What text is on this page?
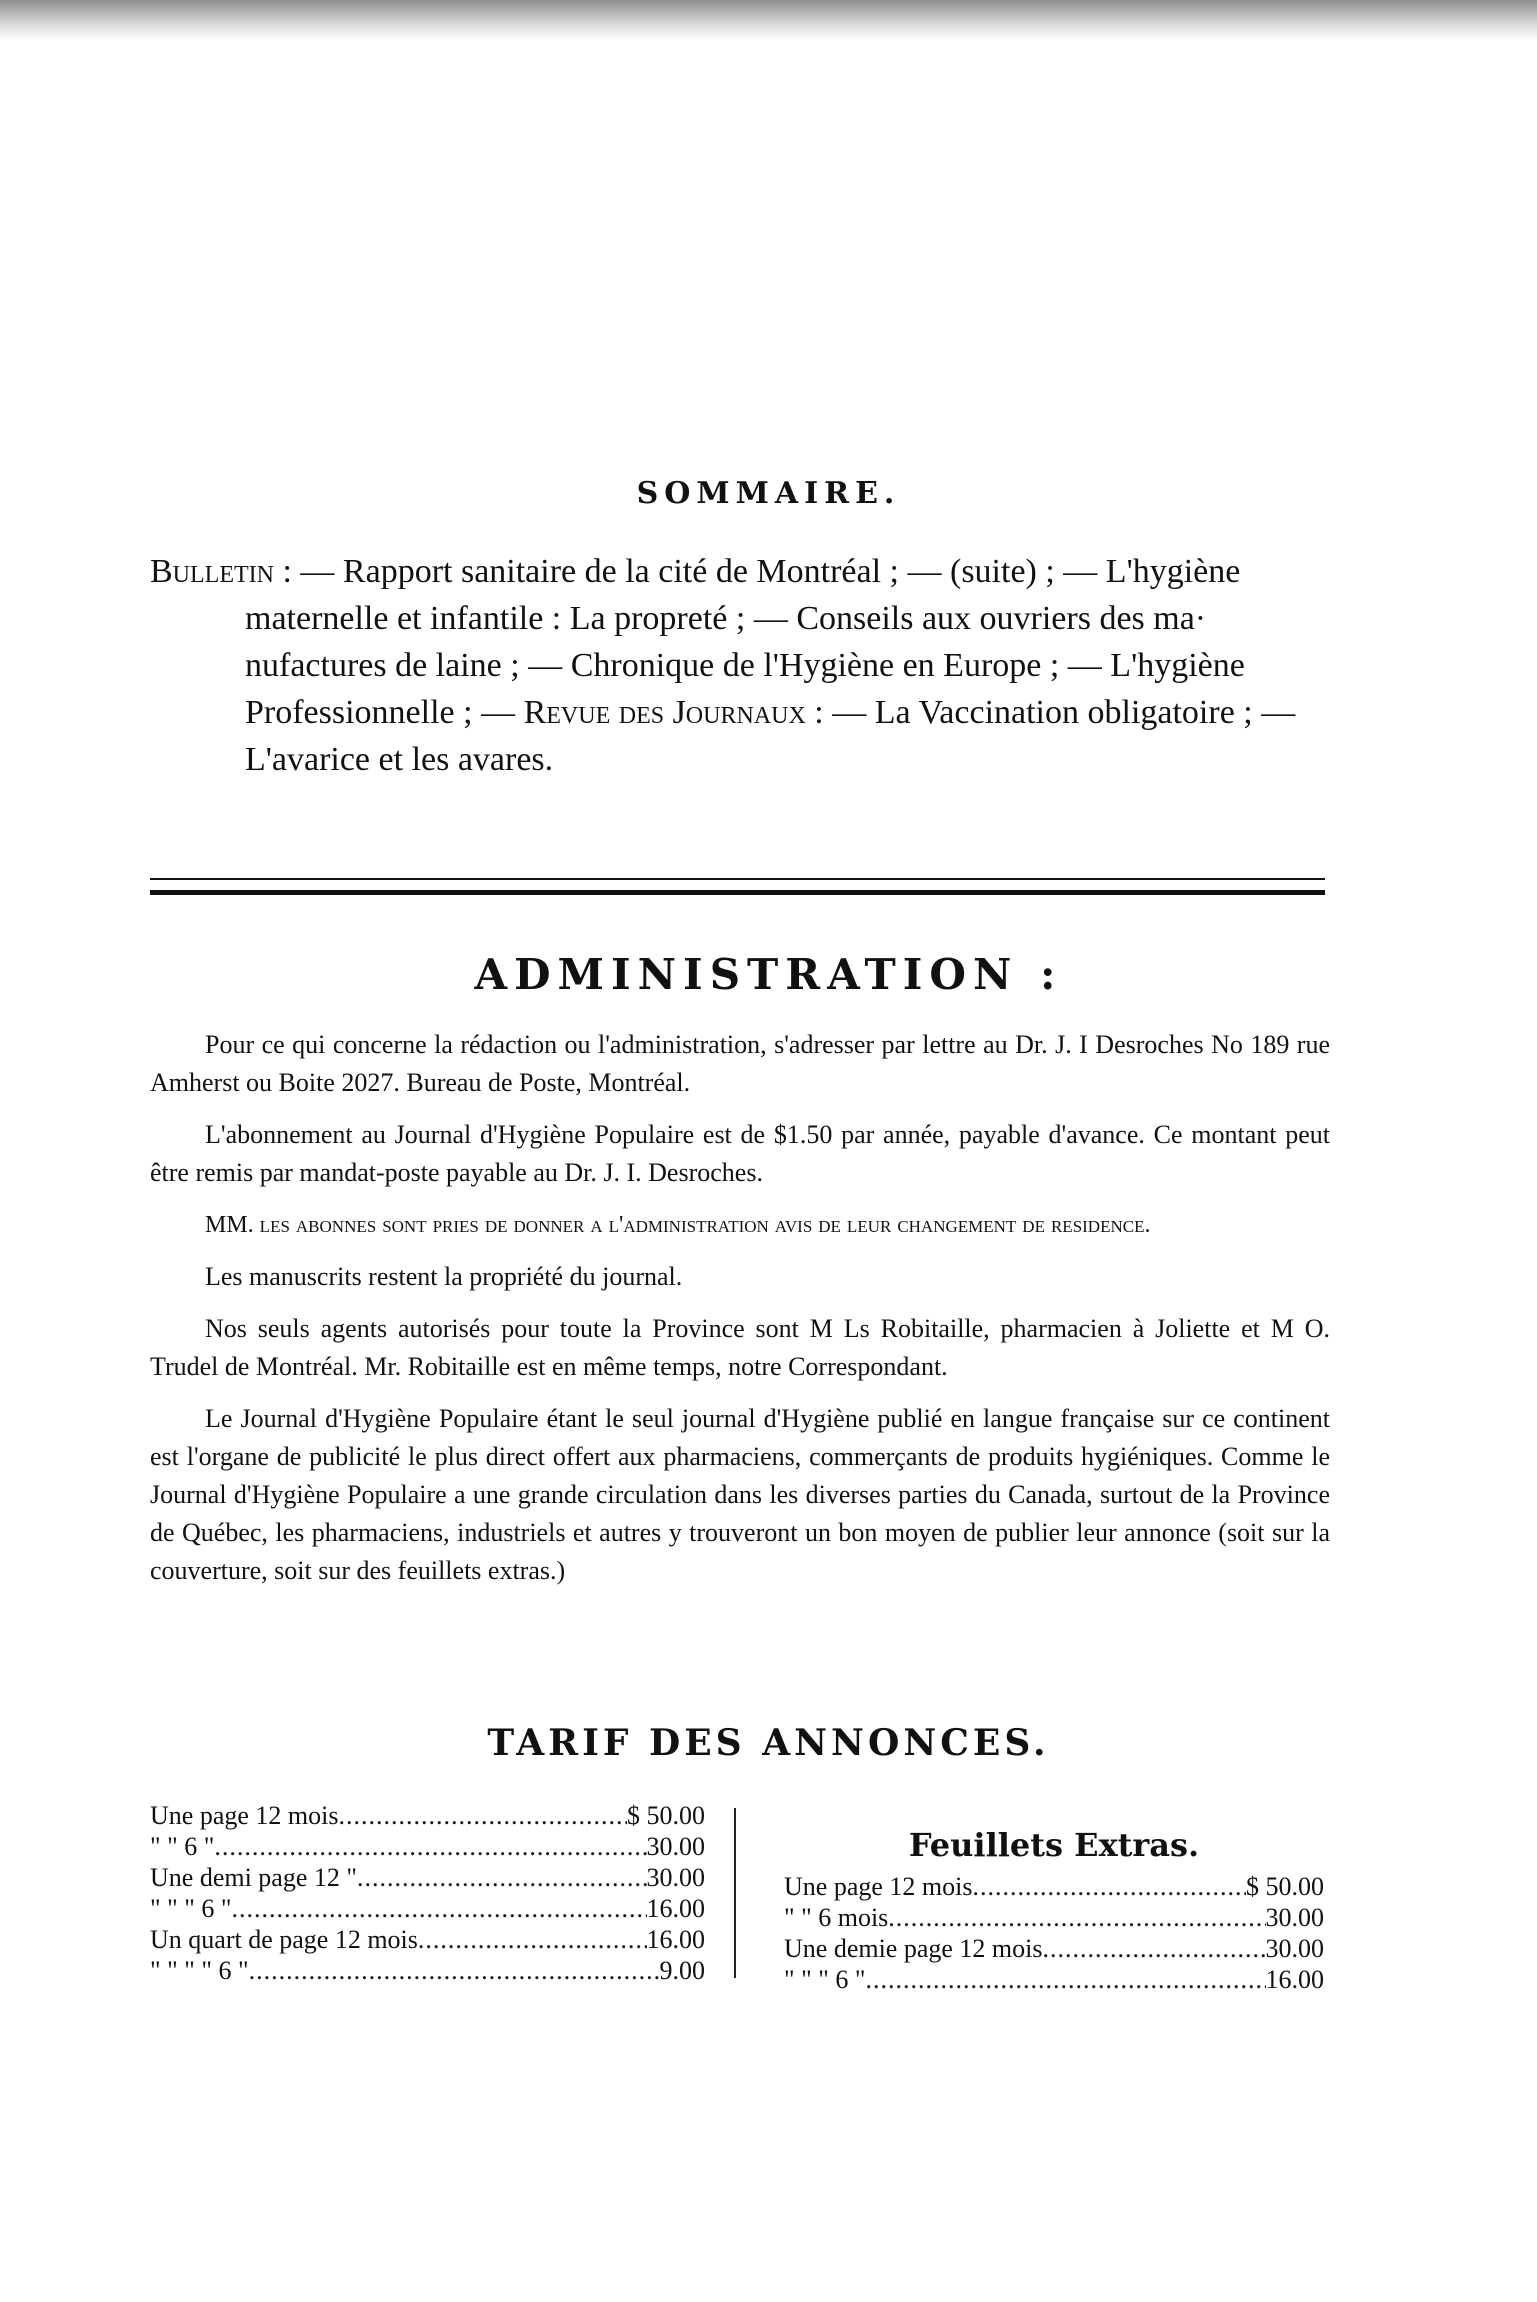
SOMMAIRE.

Bulletin : — Rapport sanitaire de la cité de Montréal ; — (suite) ; — L'hygiène

maternelle et infantile : La propreté ; — Conseils aux ouvriers des ma·

nufactures de laine ; — Chronique de l'Hygiène en Europe ; — L'hygiène

Professionnelle ; — Revue des Journaux : — La Vaccination obligatoire ; —

L'avarice et les avares.

ADMINISTRATION :

Pour ce qui concerne la rédaction ou l'administration, s'adresser par lettre au Dr. J. I Desroches No 189 rue Amherst ou Boite 2027. Bureau de Poste, Montréal.

L'abonnement au Journal d'Hygiène Populaire est de $1.50 par année, payable d'avance. Ce montant peut être remis par mandat-poste payable au Dr. J. I. Desroches.

MM. les abonnes sont pries de donner a l'administration avis de leur changement de residence.

Les manuscrits restent la propriété du journal.

Nos seuls agents autorisés pour toute la Province sont M Ls Robitaille, pharmacien à Joliette et M O. Trudel de Montréal. Mr. Robitaille est en même temps, notre Correspondant.

Le Journal d'Hygiène Populaire étant le seul journal d'Hygiène publié en langue française sur ce continent est l'organe de publicité le plus direct offert aux pharmaciens, commerçants de produits hygiéniques. Comme le Journal d'Hygiène Populaire a une grande circulation dans les diverses parties du Canada, surtout de la Province de Québec, les pharmaciens, industriels et autres y trouveront un bon moyen de publier leur annonce (soit sur la couverture, soit sur des feuillets extras.)

TARIF DES ANNONCES.
Une page 12 mois .....	$ 50.00
" " 6 " .....	30.00
Une demi page 12 " .....	30.00
" " " 6 " .....	16.00
Un quart de page 12 mois .....	16.00
" " " " 6 " .....	9.00
Feuillets Extras.
Une page 12 mois .....	$ 50.00
" " 6 mois .....	30.00
Une demie page 12 mois .....	30.00
" " " 6 " .....	16.00
